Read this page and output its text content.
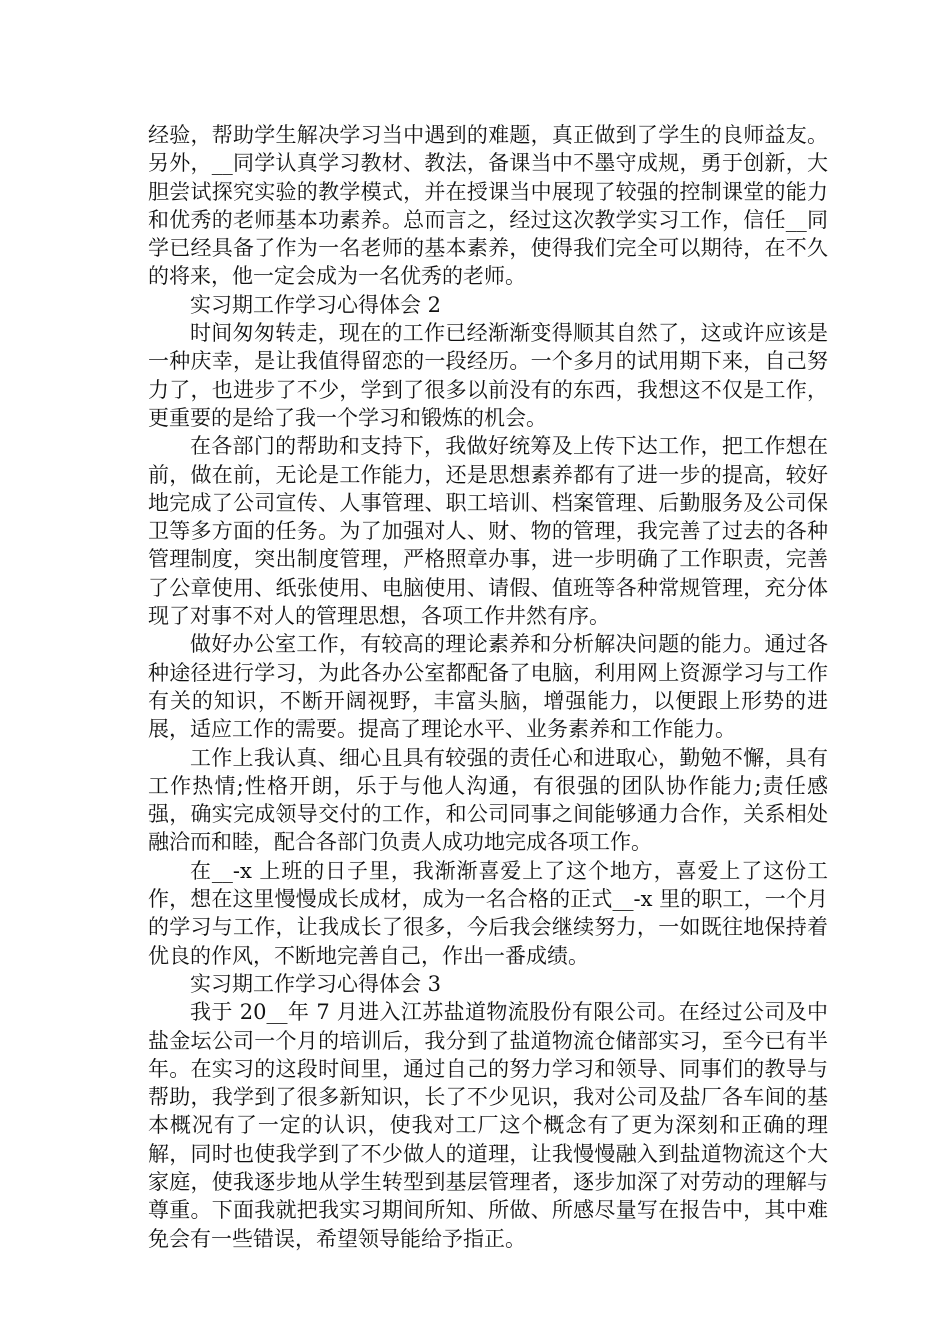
经验，帮助学生解决学习当中遇到的难题，真正做到了学生的良师益友。另外，__同学认真学习教材、教法，备课当中不墨守成规，勇于创新，大胆尝试探究实验的教学模式，并在授课当中展现了较强的控制课堂的能力和优秀的老师基本功素养。总而言之，经过这次教学实习工作，信任__同学已经具备了作为一名老师的基本素养，使得我们完全可以期待，在不久的将来，他一定会成为一名优秀的老师。

实习期工作学习心得体会 2

时间匆匆转走，现在的工作已经渐渐变得顺其自然了，这或许应该是一种庆幸，是让我值得留恋的一段经历。一个多月的试用期下来，自己努力了，也进步了不少，学到了很多以前没有的东西，我想这不仅是工作，更重要的是给了我一个学习和锻炼的机会。

在各部门的帮助和支持下，我做好统筹及上传下达工作，把工作想在前，做在前，无论是工作能力，还是思想素养都有了进一步的提高，较好地完成了公司宣传、人事管理、职工培训、档案管理、后勤服务及公司保卫等多方面的任务。为了加强对人、财、物的管理，我完善了过去的各种管理制度，突出制度管理，严格照章办事，进一步明确了工作职责，完善了公章使用、纸张使用、电脑使用、请假、值班等各种常规管理，充分体现了对事不对人的管理思想，各项工作井然有序。

做好办公室工作，有较高的理论素养和分析解决问题的能力。通过各种途径进行学习，为此各办公室都配备了电脑，利用网上资源学习与工作有关的知识，不断开阔视野，丰富头脑，增强能力，以便跟上形势的进展，适应工作的需要。提高了理论水平、业务素养和工作能力。

工作上我认真、细心且具有较强的责任心和进取心，勤勉不懈，具有工作热情;性格开朗，乐于与他人沟通，有很强的团队协作能力;责任感强，确实完成领导交付的工作，和公司同事之间能够通力合作，关系相处融洽而和睦，配合各部门负责人成功地完成各项工作。

在__-x 上班的日子里，我渐渐喜爱上了这个地方，喜爱上了这份工作，想在这里慢慢成长成材，成为一名合格的正式__-x 里的职工，一个月的学习与工作，让我成长了很多，今后我会继续努力，一如既往地保持着优良的作风，不断地完善自己，作出一番成绩。

实习期工作学习心得体会 3

我于 20__年 7 月进入江苏盐道物流股份有限公司。在经过公司及中盐金坛公司一个月的培训后，我分到了盐道物流仓储部实习，至今已有半年。在实习的这段时间里，通过自己的努力学习和领导、同事们的教导与帮助，我学到了很多新知识，长了不少见识，我对公司及盐厂各车间的基本概况有了一定的认识，使我对工厂这个概念有了更为深刻和正确的理解，同时也使我学到了不少做人的道理，让我慢慢融入到盐道物流这个大家庭，使我逐步地从学生转型到基层管理者，逐步加深了对劳动的理解与尊重。下面我就把我实习期间所知、所做、所感尽量写在报告中，其中难免会有一些错误，希望领导能给予指正。
